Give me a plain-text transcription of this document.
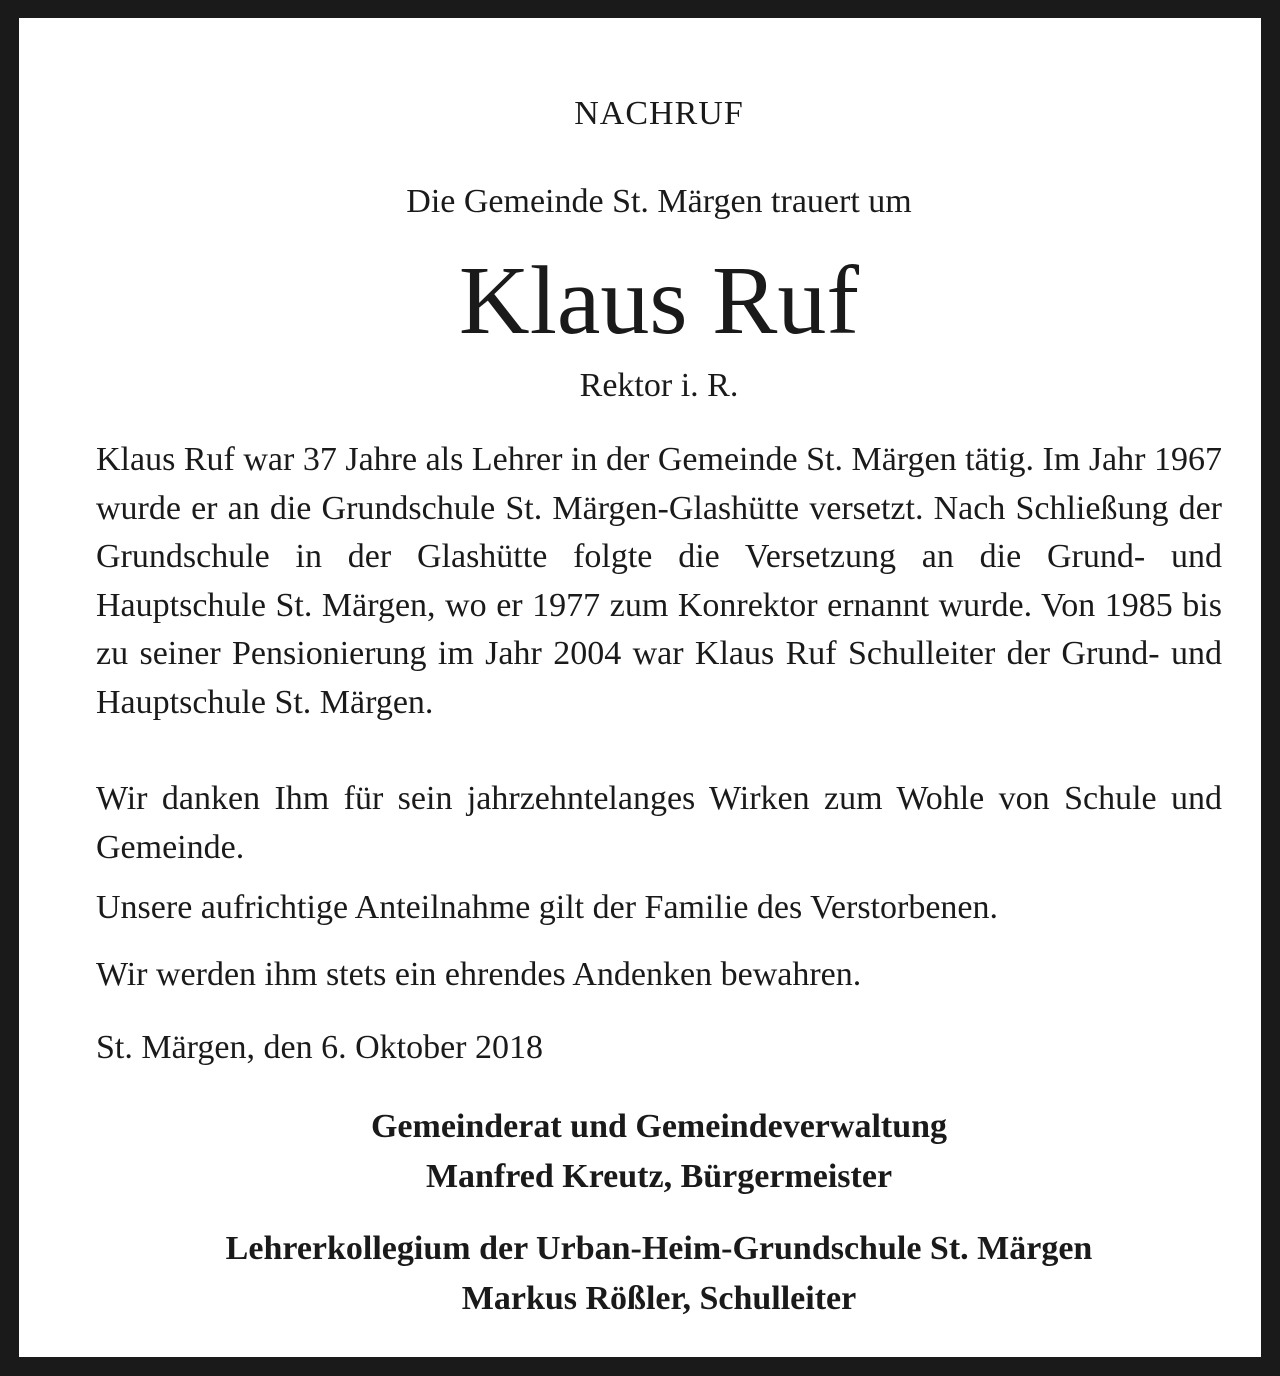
NACHRUF
Die Gemeinde St. Märgen trauert um
Klaus Ruf
Rektor i. R.
Klaus Ruf war 37 Jahre als Lehrer in der Gemeinde St. Märgen tätig. Im Jahr 1967 wurde er an die Grundschule St. Märgen-Glashütte versetzt. Nach Schließung der Grundschule in der Glashütte folgte die Versetzung an die Grund- und Hauptschule St. Märgen, wo er 1977 zum Konrektor ernannt wurde. Von 1985 bis zu seiner Pensionierung im Jahr 2004 war Klaus Ruf Schulleiter der Grund- und Hauptschule St. Märgen.
Wir danken Ihm für sein jahrzehntelanges Wirken zum Wohle von Schule und Gemeinde.
Unsere aufrichtige Anteilnahme gilt der Familie des Verstorbenen.
Wir werden ihm stets ein ehrendes Andenken bewahren.
St. Märgen, den 6. Oktober 2018
Gemeinderat und Gemeindeverwaltung
Manfred Kreutz, Bürgermeister
Lehrerkollegium der Urban-Heim-Grundschule St. Märgen
Markus Rößler, Schulleiter
